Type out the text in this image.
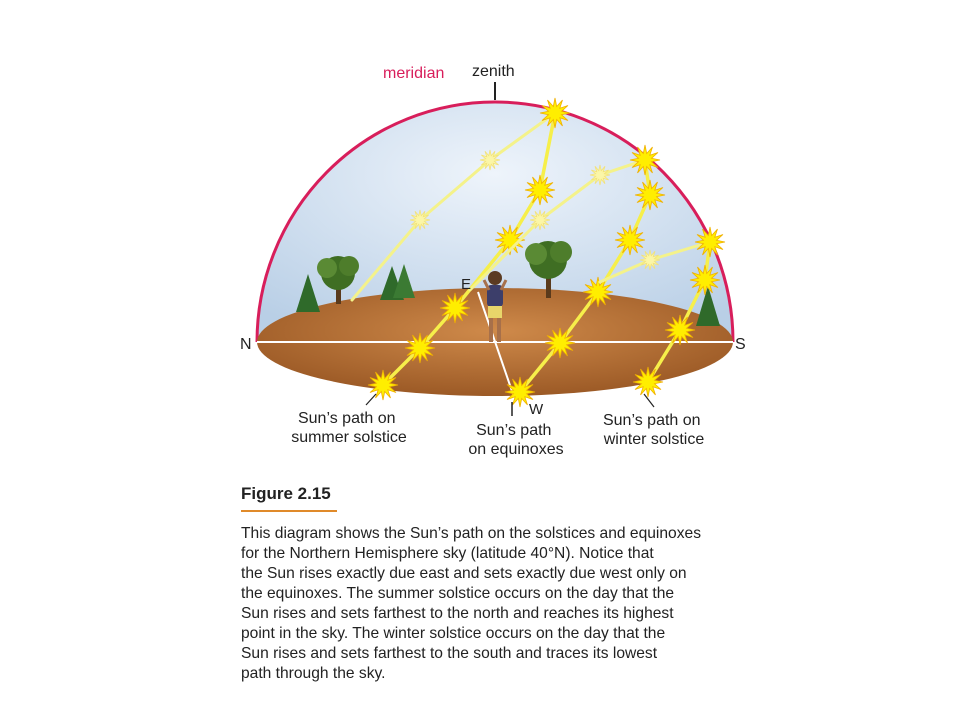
meridian zenith
N	S
E
W
Sun’s path on summer solstice	Sun’s path on equinoxes
Sun’s path on winter solstice

Figure 2.15

This diagram shows the Sun’s path on the solstices and equinoxes
for the Northern Hemisphere sky (latitude 40°N). Notice that
the Sun rises exactly due east and sets exactly due west only on
the equinoxes. The summer solstice occurs on the day that the
Sun rises and sets farthest to the north and reaches its highest
point in the sky. The winter solstice occurs on the day that the
Sun rises and sets farthest to the south and traces its lowest
path through the sky.
